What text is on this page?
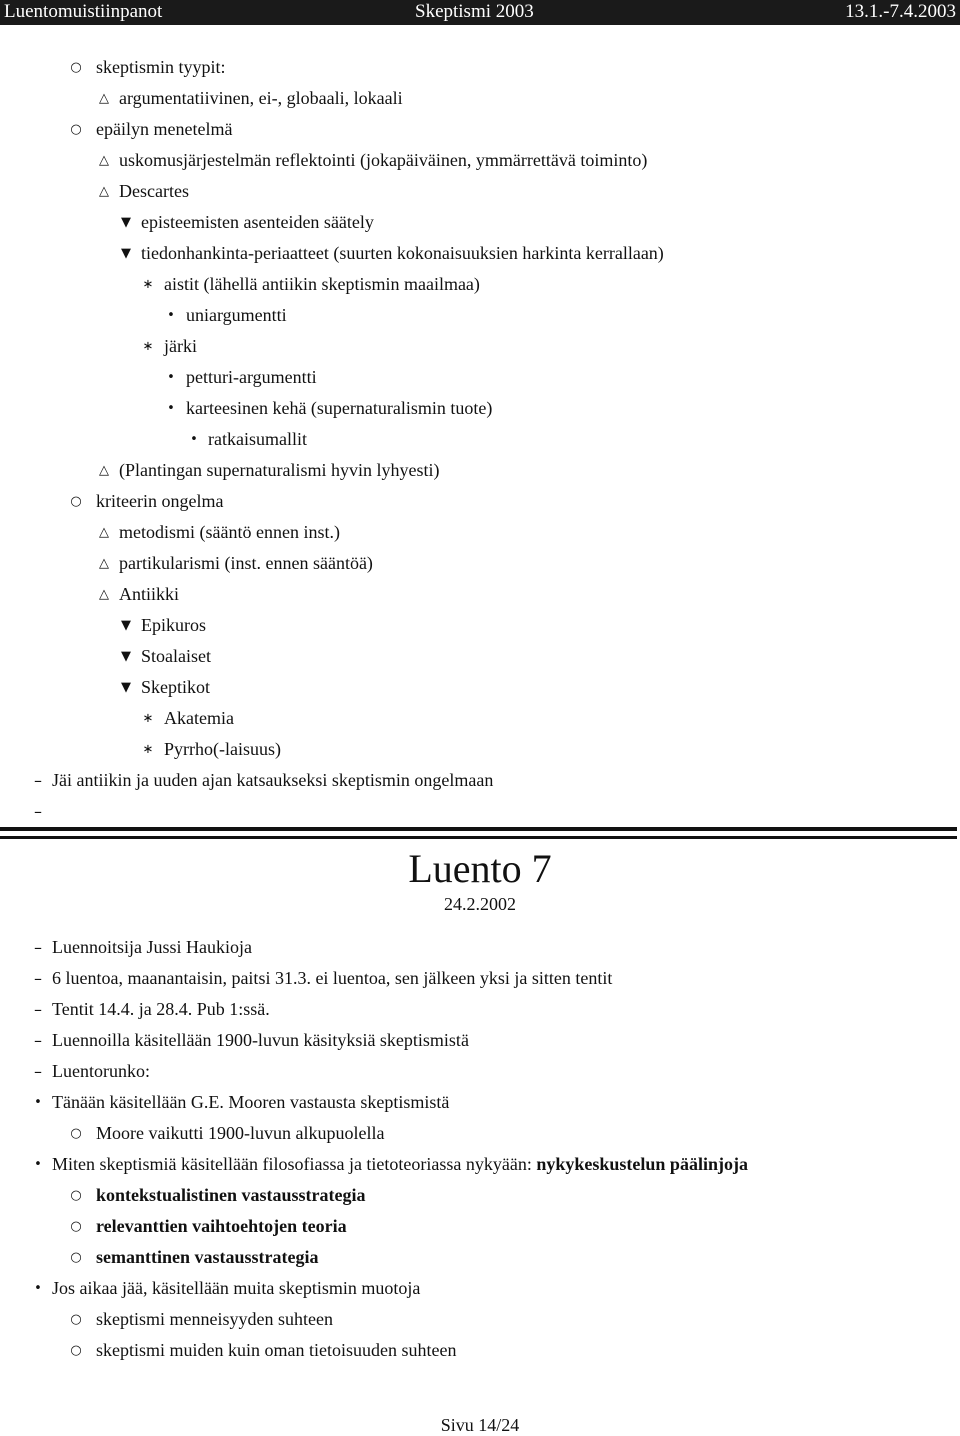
Luentomuistiinpanot	Skeptismi 2003	13.1.-7.4.2003
○ skeptismin tyypit:
△ argumentatiivinen, ei-, globaali, lokaali
○ epäilyn menetelmä
△ uskomusjärjestelmän reflektointi (jokapäiväinen, ymmärrettävä toiminto)
△ Descartes
▼ episteemisten asenteiden säätely
▼ tiedonhankinta-periaatteet (suurten kokonaisuuksien harkinta kerrallaan)
∗ aistit (lähellä antiikin skeptismin maailmaa)
• uniargumentti
∗ järki
• petturi-argumentti
• karteesinen kehä (supernaturalismin tuote)
• ratkaisumallit
△ (Plantingan supernaturalismi hyvin lyhyesti)
○ kriteerin ongelma
△ metodismi (sääntö ennen inst.)
△ partikularismi (inst. ennen sääntöä)
△ Antiikki
▼ Epikuros
▼ Stoalaiset
▼ Skeptikot
∗ Akatemia
∗ Pyrrho(-laisuus)
– Jäi antiikin ja uuden ajan katsaukseksi skeptismin ongelmaan
–
– Luennoitsija Jussi Haukioja
– 6 luentoa, maanantaisin, paitsi 31.3. ei luentoa, sen jälkeen yksi ja sitten tentit
– Tentit 14.4. ja 28.4. Pub 1:ssä.
– Luennoilla käsitellään 1900-luvun käsityksiä skeptismistä
– Luentorunko:
• Tänään käsitellään G.E. Mooren vastausta skeptismistä
○ Moore vaikutti 1900-luvun alkupuolella
• Miten skeptismiä käsitellään filosofiassa ja tietoteoriassa nykyään: nykykeskustelun päälinjoja
○ kontekstualistinen vastausstrategia
○ relevanttien vaihtoehtojen teoria
○ semanttinen vastausstrategia
• Jos aikaa jää, käsitellään muita skeptismin muotoja
○ skeptismi menneisyyden suhteen
○ skeptismi muiden kuin oman tietoisuuden suhteen
Luento 7
24.2.2002
Sivu 14/24
